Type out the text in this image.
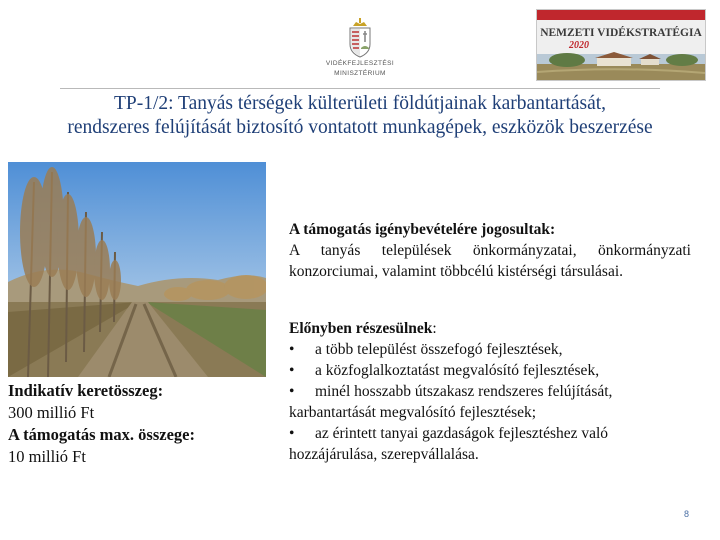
VIDÉKFEJLESZTÉSI
MINISZTÉRIUM
NEMZETI VIDÉKSTRATÉGIA
2020
TP-1/2: Tanyás térségek külterületi földútjainak karbantartását,
rendszeres felújítását biztosító vontatott munkagépek, eszközök beszerzése
Indikatív keretösszeg:
300 millió Ft
A támogatás max. összege:
10 millió Ft
A támogatás igénybevételére jogosultak:
A tanyás települések önkormányzatai, önkormányzati konzorciumai, valamint többcélú kistérségi társulásai.
Előnyben részesülnek:
• a több települést összefogó fejlesztések,
• a közfoglalkoztatást megvalósító fejlesztések,
• minél hosszabb útszakasz rendszeres felújítását, karbantartását megvalósító fejlesztések;
• az érintett tanyai gazdaságok fejlesztéshez való hozzájárulása, szerepvállalása.
8
